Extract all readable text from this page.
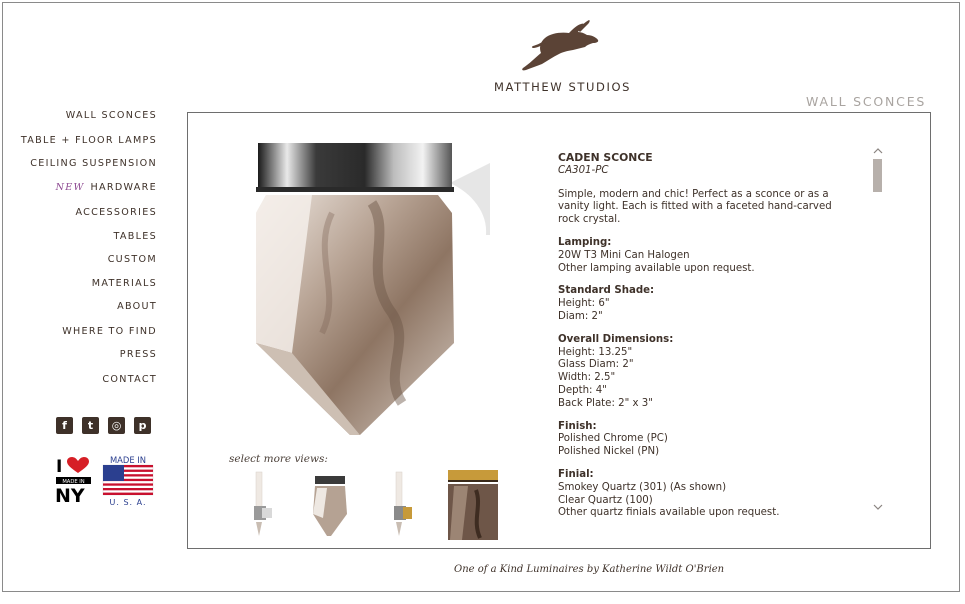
MATTHEW STUDIOS
WALL SCONCES
WALL SCONCES
TABLE + FLOOR LAMPS
CEILING SUSPENSION
NEW HARDWARE
ACCESSORIES
TABLES
CUSTOM
MATERIALS
ABOUT
WHERE TO FIND
PRESS
CONTACT
f	t	◎	p
I
MADE IN
NY
MADE IN
U. S. A.
select more views:
CADEN SCONCE
CA301-PC

Simple, modern and chic! Perfect as a sconce or as a vanity light. Each is fitted with a faceted hand-carved rock crystal.

Lamping:
20W T3 Mini Can Halogen
Other lamping available upon request.

Standard Shade:
Height: 6"
Diam: 2"

Overall Dimensions:
Height: 13.25"
Glass Diam: 2"
Width: 2.5"
Depth: 4"
Back Plate: 2" x 3"

Finish:
Polished Chrome (PC)
Polished Nickel (PN)

Finial:
Smokey Quartz (301) (As shown)
Clear Quartz (100)
Other quartz finials available upon request.

One of a Kind Luminaires by Katherine Wildt O'Brien
